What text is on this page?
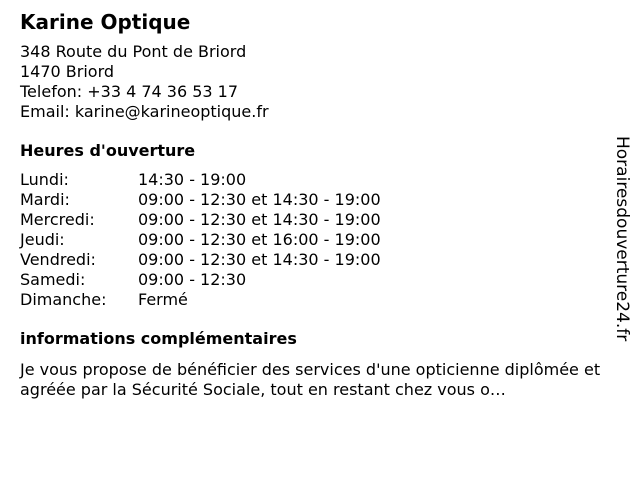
Karine Optique
348 Route du Pont de Briord
1470 Briord
Telefon: +33 4 74 36 53 17
Email: karine@karineoptique.fr
Heures d'ouverture
Lundi:	14:30 - 19:00
Mardi:	09:00 - 12:30 et 14:30 - 19:00
Mercredi:	09:00 - 12:30 et 14:30 - 19:00
Jeudi:	09:00 - 12:30 et 16:00 - 19:00
Vendredi:	09:00 - 12:30 et 14:30 - 19:00
Samedi:	09:00 - 12:30
Dimanche:	Fermé
informations complémentaires

Je vous propose de bénéficier des services d'une opticienne diplômée et agréée par la Sécurité Sociale, tout en restant chez vous o…

Horairesdouverture24.fr
